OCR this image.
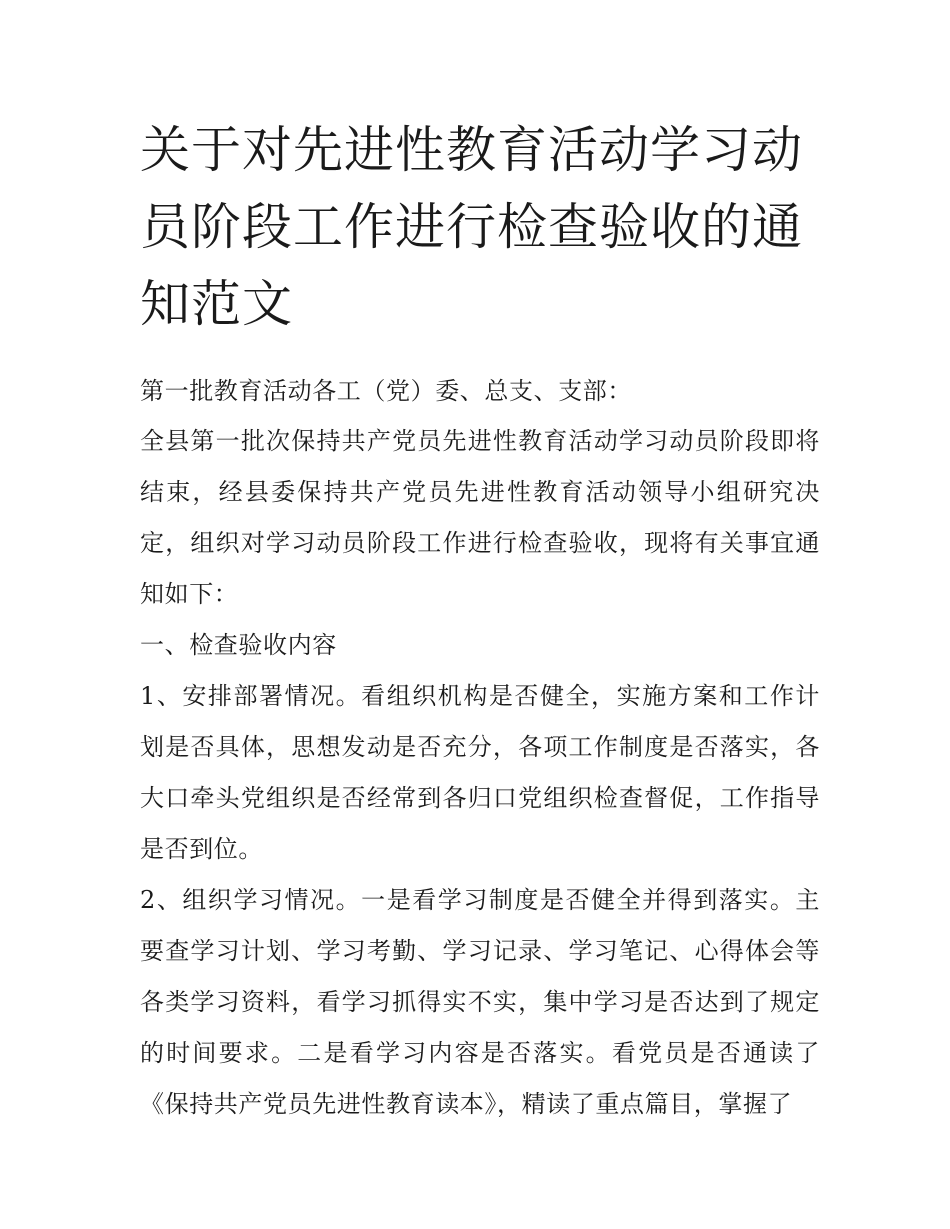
关于对先进性教育活动学习动员阶段工作进行检查验收的通知范文

第一批教育活动各工（党）委、总支、支部：

全县第一批次保持共产党员先进性教育活动学习动员阶段即将结束，经县委保持共产党员先进性教育活动领导小组研究决定，组织对学习动员阶段工作进行检查验收，现将有关事宜通知如下：

一、检查验收内容

1、安排部署情况。看组织机构是否健全，实施方案和工作计划是否具体，思想发动是否充分，各项工作制度是否落实，各大口牵头党组织是否经常到各归口党组织检查督促，工作指导是否到位。

2、组织学习情况。一是看学习制度是否健全并得到落实。主要查学习计划、学习考勤、学习记录、学习笔记、心得体会等各类学习资料，看学习抓得实不实，集中学习是否达到了规定的时间要求。二是看学习内容是否落实。看党员是否通读了《保持共产党员先进性教育读本》，精读了重点篇目，掌握了
